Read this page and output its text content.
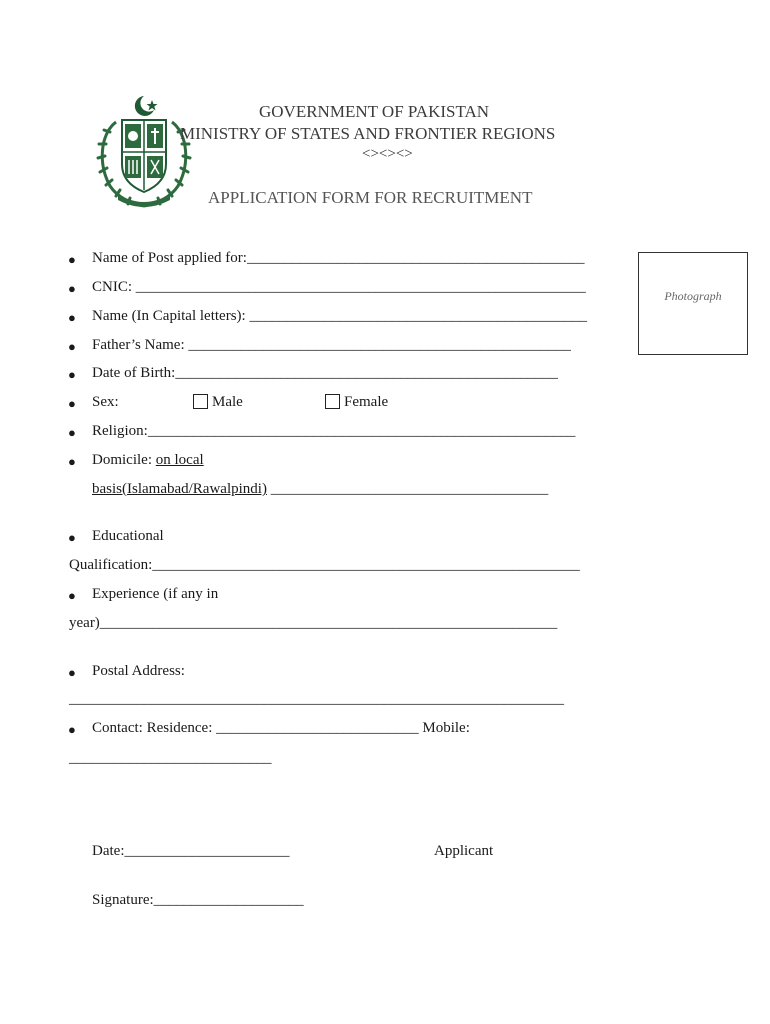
GOVERNMENT OF PAKISTAN
MINISTRY OF STATES AND FRONTIER REGIONS
<><><>
APPLICATION FORM FOR RECRUITMENT
Photograph
● Name of Post applied for:_____________________________________________
● CNIC: ____________________________________________________________
● Name (In Capital letters): _____________________________________________
● Father’s Name: ___________________________________________________
● Date of Birth:___________________________________________________
● Sex:	Male	Female
● Religion:_________________________________________________________
● Domicile: on local
basis(Islamabad/Rawalpindi) _____________________________________
● Educational
Qualification:_________________________________________________________
● Experience (if any in
year)_____________________________________________________________
● Postal Address:
__________________________________________________________________
● Contact: Residence: ___________________________ Mobile:
___________________________
Date:______________________	Applicant
Signature:____________________
